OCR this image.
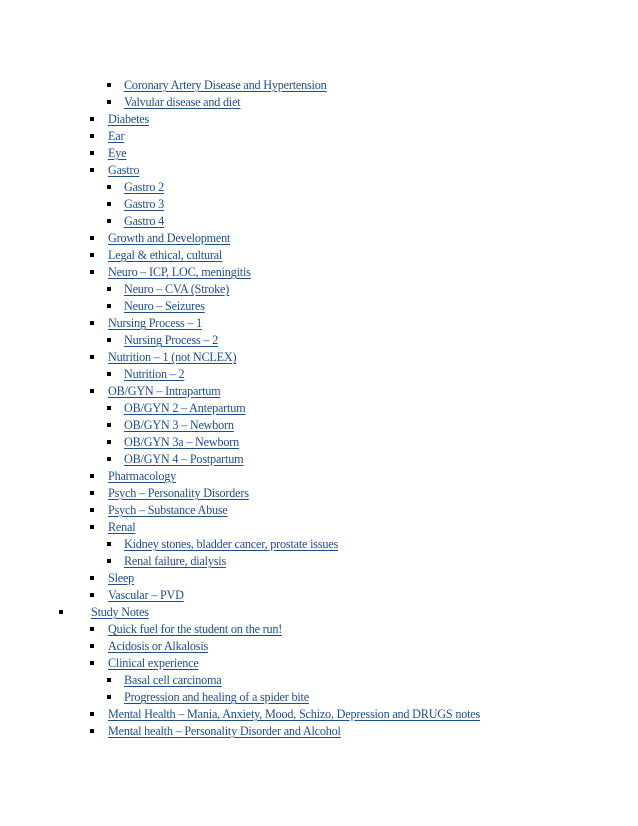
Coronary Artery Disease and Hypertension
Valvular disease and diet
Diabetes
Ear
Eye
Gastro
Gastro 2
Gastro 3
Gastro 4
Growth and Development
Legal & ethical, cultural
Neuro – ICP, LOC, meningitis
Neuro – CVA (Stroke)
Neuro – Seizures
Nursing Process – 1
Nursing Process – 2
Nutrition – 1 (not NCLEX)
Nutrition – 2
OB/GYN – Intrapartum
OB/GYN 2 – Antepartum
OB/GYN 3 – Newborn
OB/GYN 3a – Newborn
OB/GYN 4 – Postpartum
Pharmacology
Psych – Personality Disorders
Psych – Substance Abuse
Renal
Kidney stones, bladder cancer, prostate issues
Renal failure, dialysis
Sleep
Vascular – PVD
Study Notes
Quick fuel for the student on the run!
Acidosis or Alkalosis
Clinical experience
Basal cell carcinoma
Progression and healing of a spider bite
Mental Health – Mania, Anxiety, Mood, Schizo, Depression and DRUGS notes
Mental health – Personality Disorder and Alcohol
